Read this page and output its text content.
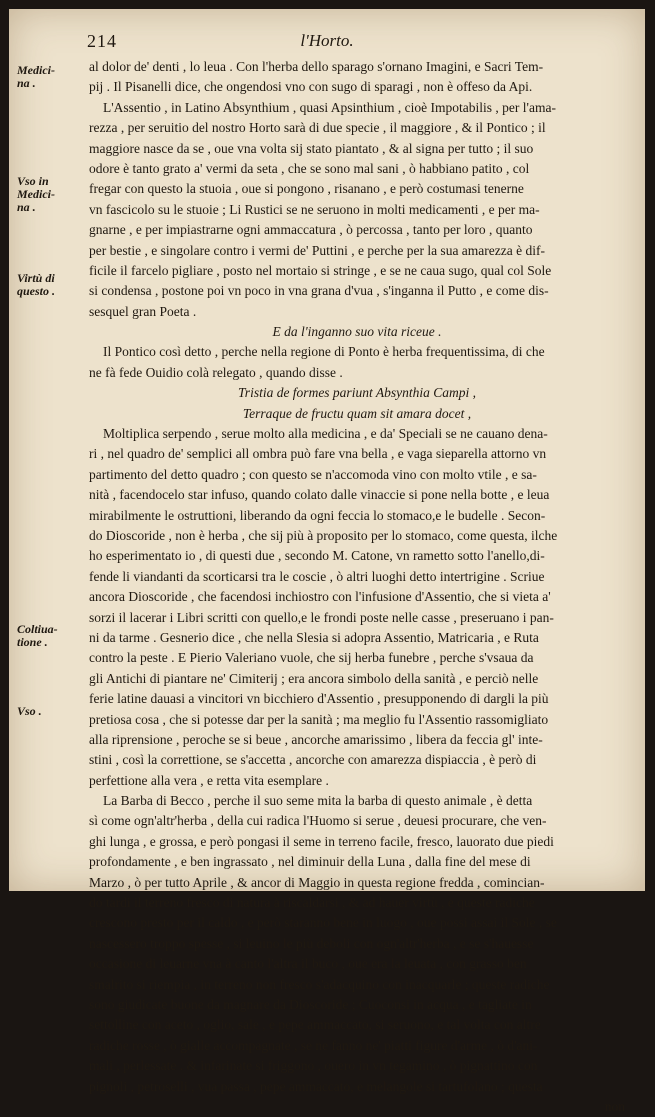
214	l'Horto.
Medici-
na .
Vso in
Medici-
na .
Virtù di
questo .
Coltiua-
tione .
Vso .
al dolor de' denti , lo leua . Con l'herba dello sparago s'ornano Imagini, e Sacri Tem-
pij . Il Pisanelli dice, che ongendosi vno con sugo di sparagi , non è offeso da Api.
L'Assentio , in Latino Absynthium , quasi Apsinthium , cioè Impotabilis , per l'ama-
rezza , per seruitio del nostro Horto sarà di due specie , il maggiore , & il Pontico ; il
maggiore nasce da se , oue vna volta sij stato piantato , & al signa per tutto ; il suo
odore è tanto grato a' vermi da seta , che se sono mal sani , ò habbiano patito , col
fregar con questo la stuoia , oue si pongono , risanano , e però costumasi tenerne
vn fascicolo su le stuoie ; Li Rustici se ne seruono in molti medicamenti , e per ma-
gnarne , e per impiastrarne ogni ammaccatura , ò percossa , tanto per loro , quanto
per bestie , e singolare contro i vermi de' Puttini , e perche per la sua amarezza è dif-
ficile il farcelo pigliare , posto nel mortaio si stringe , e se ne caua sugo, qual col Sole
si condensa , postone poi vn poco in vna grana d'vua , s'inganna il Putto , e come dis-
sesquel gran Poeta .
E da l'inganno suo vita riceue .
Il Pontico così detto , perche nella regione di Ponto è herba frequentissima, di che
ne fà fede Ouidio colà relegato , quando disse .
Tristia de formes pariunt Absynthia Campi ,
Terraque de fructu quam sit amara docet ,
Moltiplica serpendo , serue molto alla medicina , e da' Speciali se ne cauano dena-
ri , nel quadro de' semplici all ombra può fare vna bella , e vaga sieparella attorno vn
partimento del detto quadro ; con questo se n'accomoda vino con molto vtile , e sa-
nità , facendocelo star infuso, quando colato dalle vinaccie si pone nella botte , e leua
mirabilmente le ostruttioni, liberando da ogni feccia lo stomaco,e le budelle . Secon-
do Dioscoride , non è herba , che sij più à proposito per lo stomaco, come questa, ilche
ho esperimentato io , di questi due , secondo M. Catone, vn rametto sotto l'anello,di-
fende li viandanti da scorticarsi tra le coscie , ò altri luoghi detto intertrigine . Scriue
ancora Dioscoride , che facendosi inchiostro con l'infusione d'Assentio, che si vieta a'
sorzi il lacerar i Libri scritti con quello,e le frondi poste nelle casse , preseruano i pan-
ni da tarme . Gesnerio dice , che nella Slesia si adopra Assentio, Matricaria , e Ruta
contro la peste . E Pierio Valeriano vuole, che sij herba funebre , perche s'vsaua da
gli Antichi di piantare ne' Cimiterij ; era ancora simbolo della sanità , e perciò nelle
ferie latine dauasi a vincitori vn bicchiero d'Assentio , presupponendo di dargli la più
pretiosa cosa , che si potesse dar per la sanità ; ma meglio fu l'Assentio rassomigliato
alla riprensione , peroche se si beue , ancorche amarissimo , libera da feccia gl' inte-
stini , così la correttione, se s'accetta , ancorche con amarezza dispiaccia , è però di
perfettione alla vera , e retta vita esemplare .
La Barba di Becco , perche il suo seme mita la barba di questo animale , è detta
sì come ogn'altr'herba , della cui radica l'Huomo si serue , deuesi procurare, che ven-
ghi lunga , e grossa, e però pongasi il seme in terreno facile, fresco, lauorato due piedi
profondamente , e ben ingrassato , nel diminuir della Luna , dalla fine del mese di
Marzo , ò per tutto Aprile , & ancor di Maggio in questa regione fredda , comincian-
do tardi il terreno fresco di natura à riscaldarsi , & ad hauer virtù , e queste radiche
crescono presto per il caldo , e però staranno bene in luogo , oue possi assai il Sole , se
nascessero troppo spesse , si leuino le più deboli con ogn'altr'herba , e se s'hauesse
occasione di leuarne vna à canto l'altra il buco , oue era la leuata , con grasso ben
smalrito si riempia , in terreno non fresco s'adacquino con inacquarle ; queste radiche
sono giudicate buone da magnare da Dioscoride ; Cuoconsi in acqua , e tagliate in
settolline con aceto , oglio, sale , e pepe ammaccato, si seruono, e tal volta con altre
radiche rosse , ò gialle accompagnate , se ne fanno ne' piatti figure d'arme , ò d'ani-
mali , perlessate . & infarinate si friggono , ouero in vn tegamino , ò pignattino con
pignoli , petroselli , vua passa , pepe ammaccato, e melangole si tartufolano ; questa
non
